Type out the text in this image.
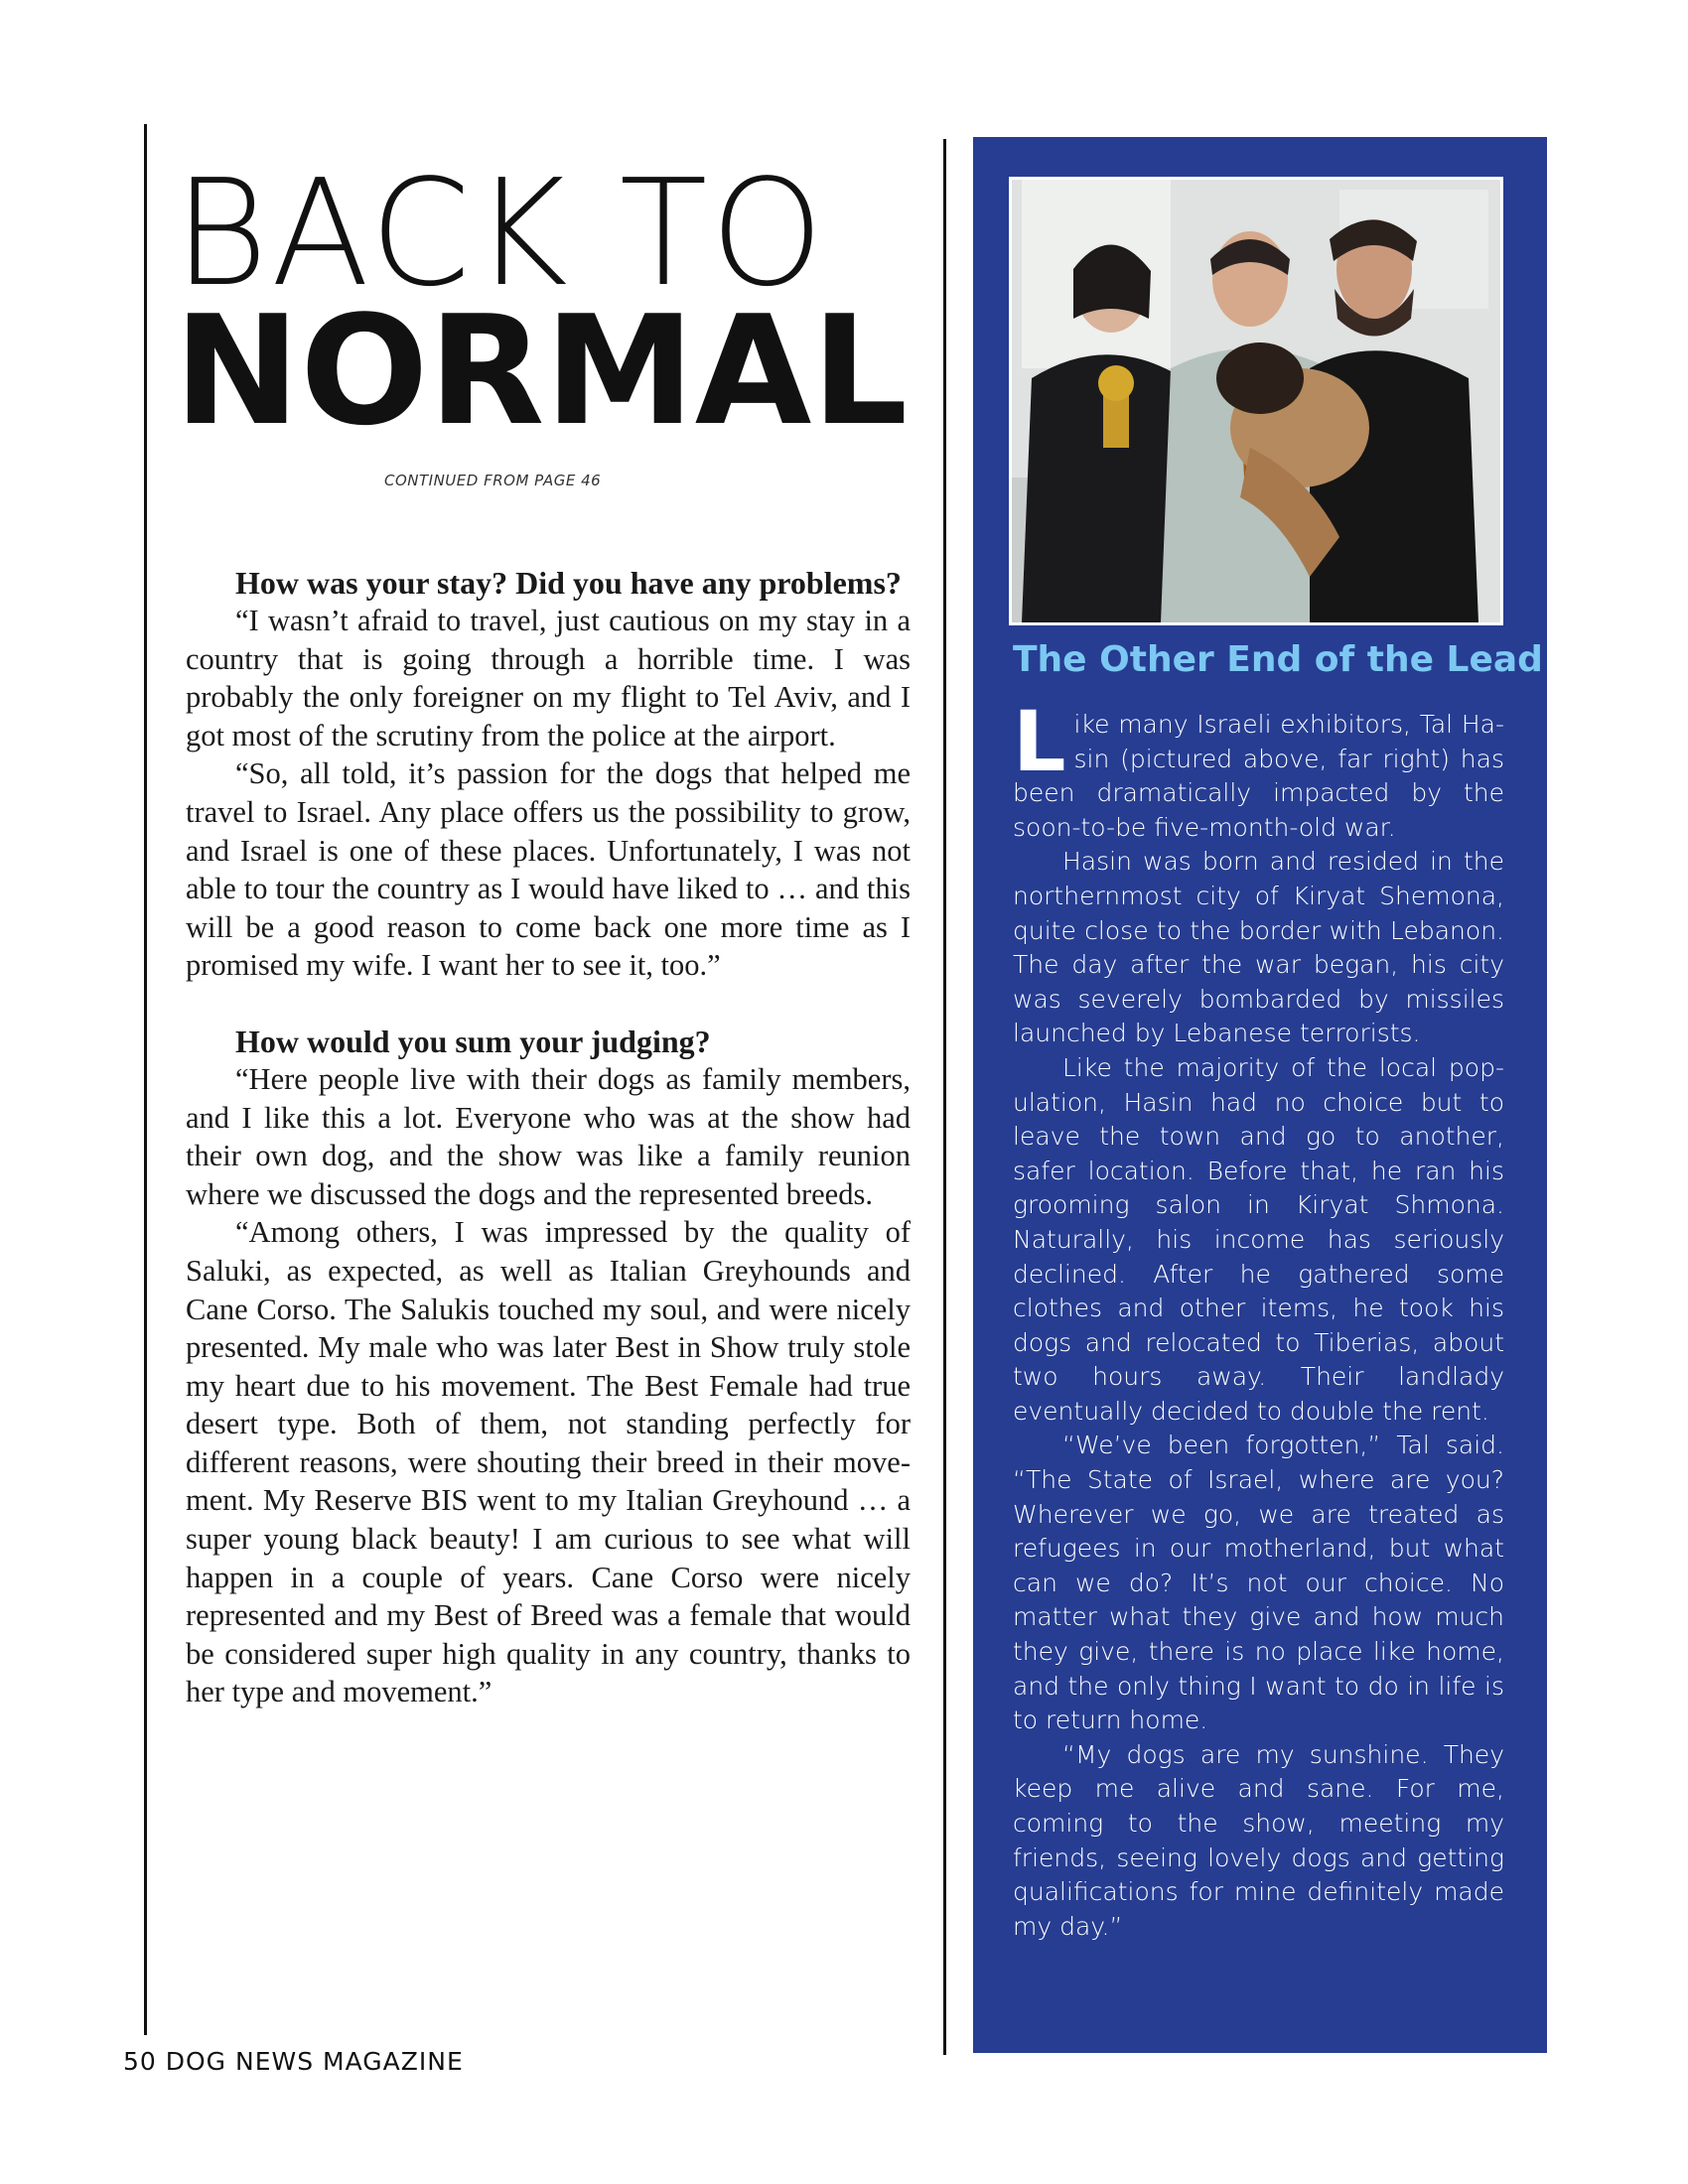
BACK TO
NORMAL
CONTINUED FROM PAGE 46

How was your stay? Did you have any problems?

“I wasn’t afraid to travel, just cautious on my stay in a country that is going through a horrible time. I was probably the only foreigner on my flight to Tel Aviv, and I got most of the scrutiny from the police at the airport.

“So, all told, it’s passion for the dogs that helped me travel to Israel. Any place offers us the possibility to grow, and Israel is one of these places. Unfortunately, I was not able to tour the country as I would have liked to … and this will be a good reason to come back one more time as I promised my wife. I want her to see it, too.”

How would you sum your judging?

“Here people live with their dogs as family members, and I like this a lot. Everyone who was at the show had their own dog, and the show was like a family reunion where we discussed the dogs and the represented breeds.

“Among others, I was impressed by the quality of Saluki, as expected, as well as Italian Greyhounds and Cane Corso. The Salukis touched my soul, and were nicely presented. My male who was later Best in Show truly stole my heart due to his movement. The Best Female had true desert type. Both of them, not standing perfectly for different reasons, were shouting their breed in their movement. My Reserve BIS went to my Italian Greyhound … a super young black beauty! I am curious to see what will happen in a couple of years. Cane Corso were nicely represented and my Best of Breed was a female that would be considered super high quality in any country, thanks to her type and movement.”

The Other End of the Lead

Like many Israeli exhibitors, Tal Hasin (pictured above, far right) has been dramatically impacted by the soon-to-be five-month-old war.

Hasin was born and resided in the northernmost city of Kiryat Shemona, quite close to the border with Lebanon. The day after the war began, his city was severely bombarded by missiles launched by Lebanese terrorists.

Like the majority of the local population, Hasin had no choice but to leave the town and go to another, safer location. Before that, he ran his grooming salon in Kiryat Shmona. Naturally, his income has seriously declined. After he gathered some clothes and other items, he took his dogs and relocated to Tiberias, about two hours away. Their landlady eventually decided to double the rent.

“We’ve been forgotten,” Tal said. “The State of Israel, where are you? Wherever we go, we are treated as refugees in our motherland, but what can we do? It’s not our choice. No matter what they give and how much they give, there is no place like home, and the only thing I want to do in life is to return home.

“My dogs are my sunshine. They keep me alive and sane. For me, coming to the show, meeting my friends, seeing lovely dogs and getting qualifications for mine definitely made my day.”

50 DOG NEWS MAGAZINE
